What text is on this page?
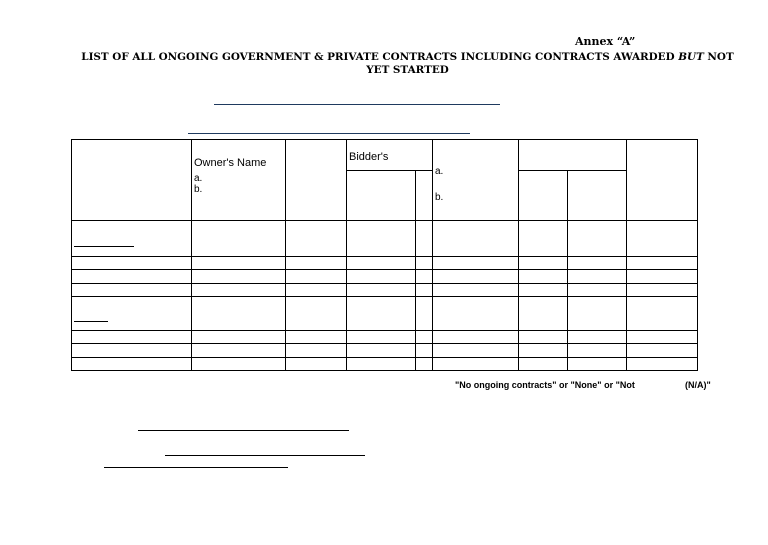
Annex “A”
LIST OF ALL ONGOING GOVERNMENT & PRIVATE CONTRACTS INCLUDING CONTRACTS AWARDED BUT NOT YET STARTED
Owner's Name
a.
b.
Bidder's
a.
b.
"No ongoing contracts" or "None" or "Not	(N/A)"
